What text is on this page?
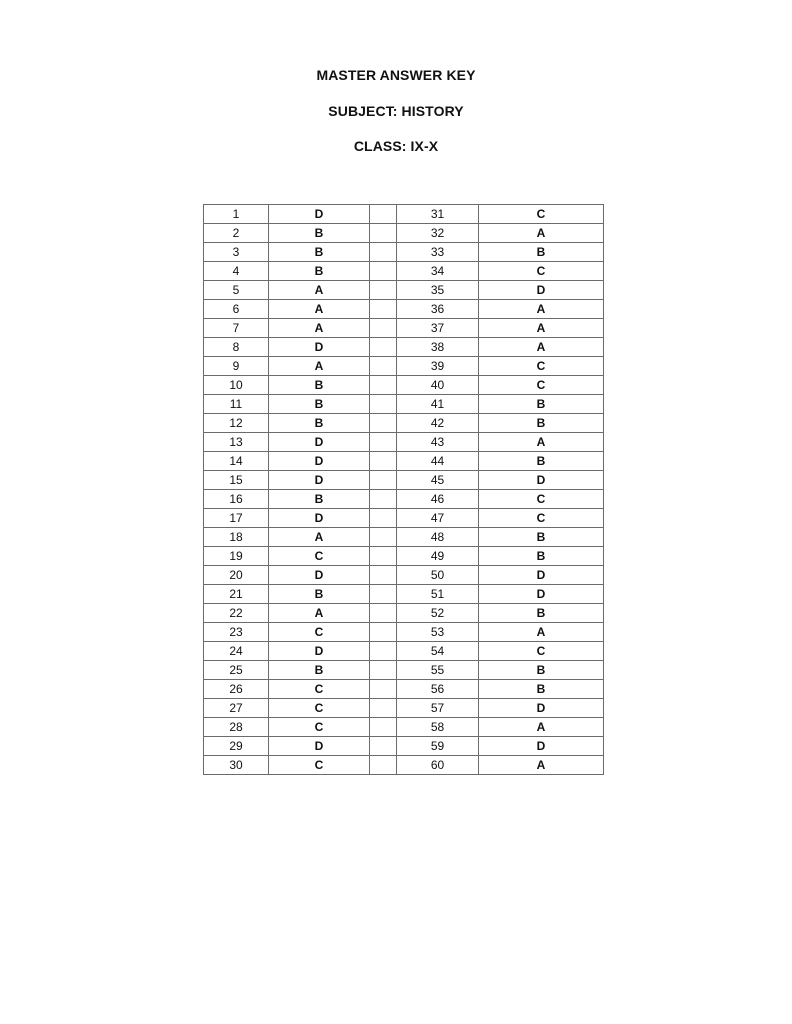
MASTER ANSWER KEY
SUBJECT: HISTORY
CLASS: IX-X
1	D		31	C
2	B		32	A
3	B		33	B
4	B		34	C
5	A		35	D
6	A		36	A
7	A		37	A
8	D		38	A
9	A		39	C
10	B		40	C
11	B		41	B
12	B		42	B
13	D		43	A
14	D		44	B
15	D		45	D
16	B		46	C
17	D		47	C
18	A		48	B
19	C		49	B
20	D		50	D
21	B		51	D
22	A		52	B
23	C		53	A
24	D		54	C
25	B		55	B
26	C		56	B
27	C		57	D
28	C		58	A
29	D		59	D
30	C		60	A
